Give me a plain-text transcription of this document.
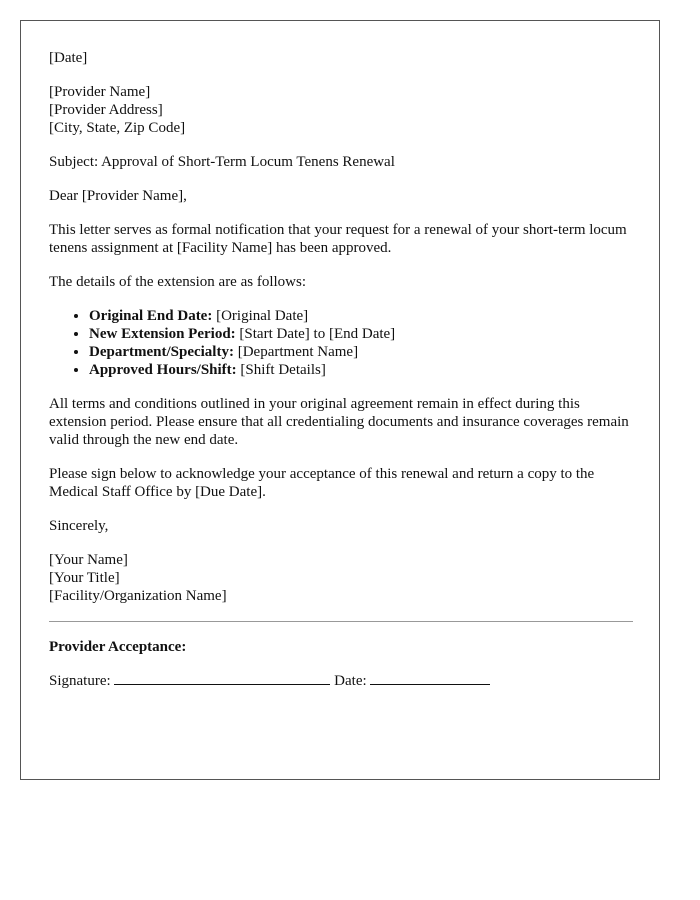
[Date]

[Provider Name]
[Provider Address]
[City, State, Zip Code]

Subject: Approval of Short-Term Locum Tenens Renewal

Dear [Provider Name],

This letter serves as formal notification that your request for a renewal of your short-term locum tenens assignment at [Facility Name] has been approved.

The details of the extension are as follows:

• Original End Date: [Original Date]
• New Extension Period: [Start Date] to [End Date]
• Department/Specialty: [Department Name]
• Approved Hours/Shift: [Shift Details]

All terms and conditions outlined in your original agreement remain in effect during this extension period. Please ensure that all credentialing documents and insurance coverages remain valid through the new end date.

Please sign below to acknowledge your acceptance of this renewal and return a copy to the Medical Staff Office by [Due Date].

Sincerely,

[Your Name]
[Your Title]
[Facility/Organization Name]

Provider Acceptance:

Signature:	Date:
